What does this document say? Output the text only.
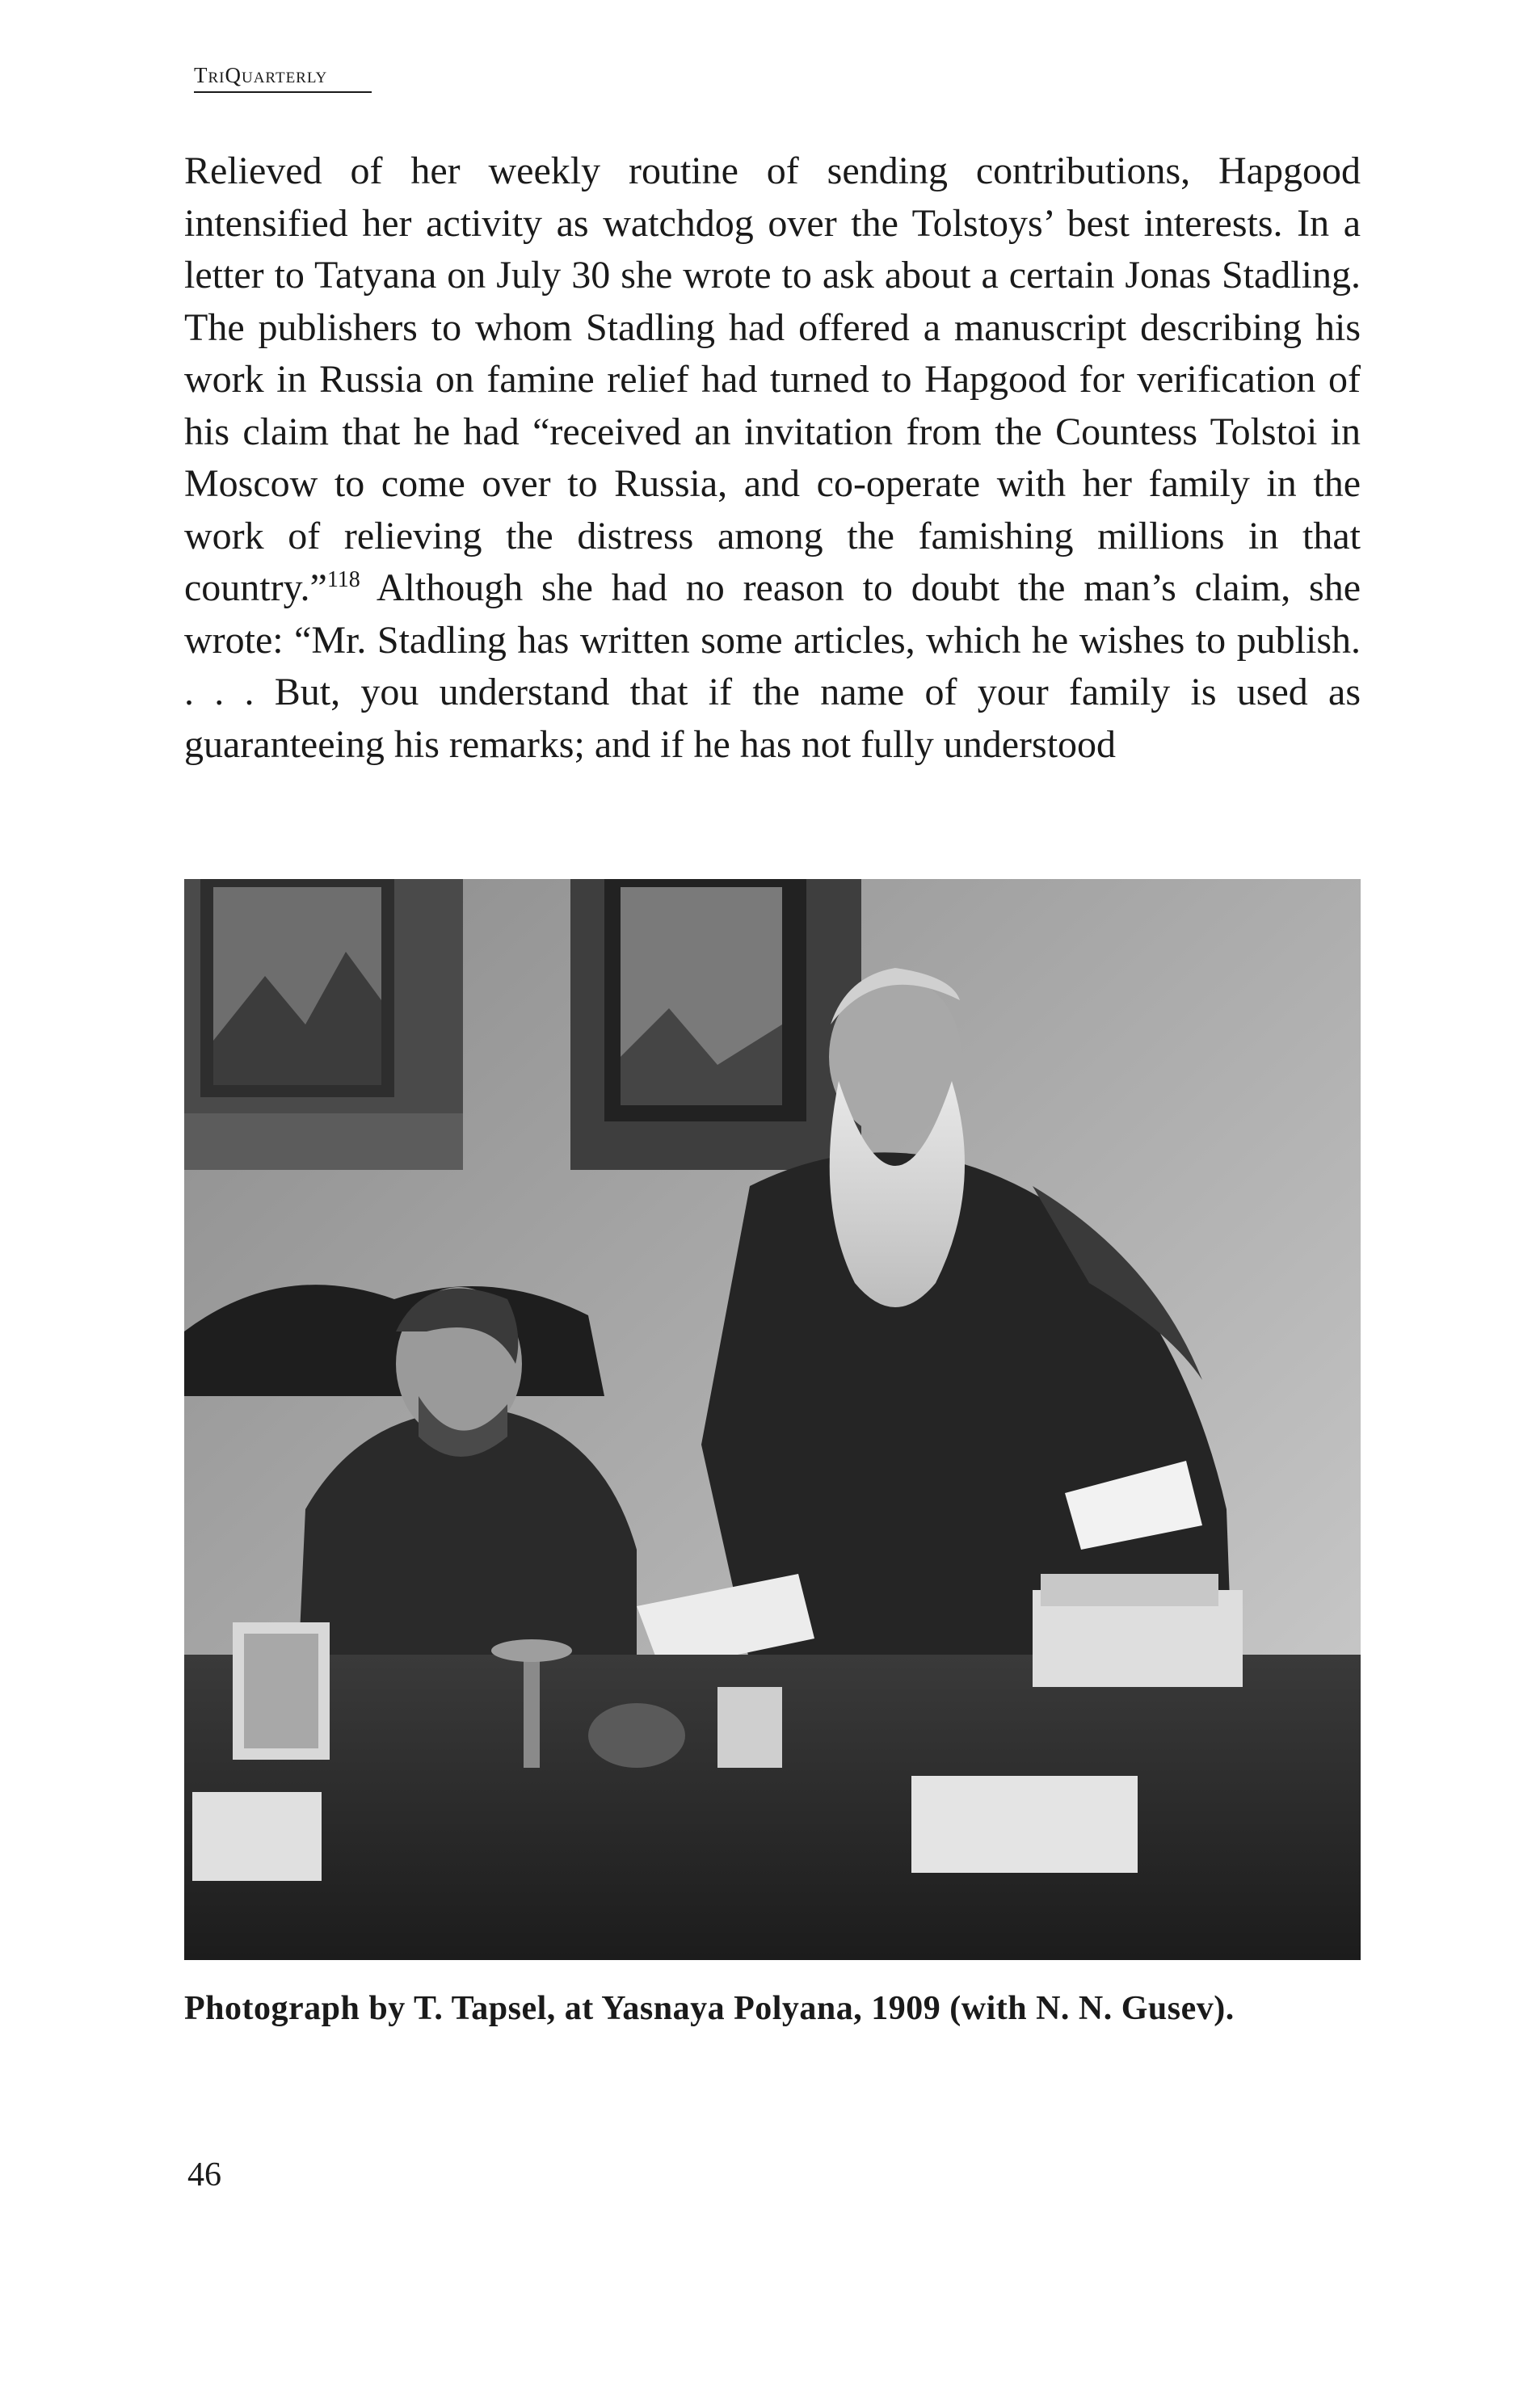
TriQuarterly

Relieved of her weekly routine of sending contributions, Hapgood intensified her activity as watchdog over the Tolstoys’ best interests. In a letter to Tatyana on July 30 she wrote to ask about a certain Jonas Stadling. The publishers to whom Stadling had offered a manuscript describing his work in Russia on famine relief had turned to Hapgood for verification of his claim that he had “received an invitation from the Countess Tolstoi in Moscow to come over to Russia, and co-operate with her family in the work of relieving the distress among the famishing millions in that country.”$^{118}$ Although she had no reason to doubt the man’s claim, she wrote: “Mr. Stadling has written some articles, which he wishes to publish. . . . But, you understand that if the name of your family is used as guaranteeing his remarks; and if he has not fully understood

Photograph by T. Tapsel, at Yasnaya Polyana, 1909 (with N. N. Gusev).
46
